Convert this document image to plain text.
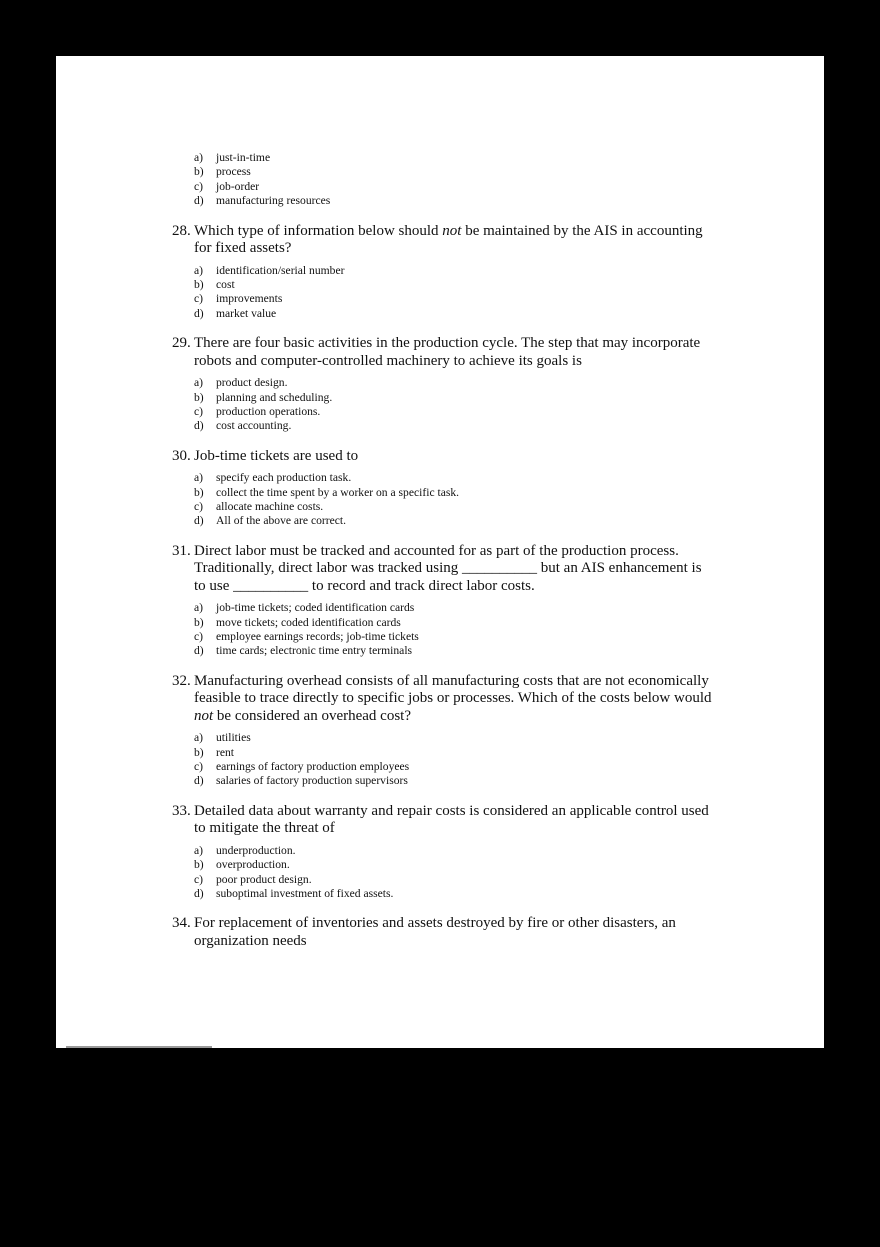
a)	just-in-time
b)	process
c)	job-order
d)	manufacturing resources
28. Which type of information below should not be maintained by the AIS in accounting for fixed assets?
a)	identification/serial number
b)	cost
c)	improvements
d)	market value
29. There are four basic activities in the production cycle. The step that may incorporate robots and computer-controlled machinery to achieve its goals is
a)	product design.
b)	planning and scheduling.
c)	production operations.
d)	cost accounting.
30. Job-time tickets are used to
a)	specify each production task.
b)	collect the time spent by a worker on a specific task.
c)	allocate machine costs.
d)	All of the above are correct.
31. Direct labor must be tracked and accounted for as part of the production process. Traditionally, direct labor was tracked using __________ but an AIS enhancement is to use __________ to record and track direct labor costs.
a)	job-time tickets; coded identification cards
b)	move tickets; coded identification cards
c)	employee earnings records; job-time tickets
d)	time cards; electronic time entry terminals
32. Manufacturing overhead consists of all manufacturing costs that are not economically feasible to trace directly to specific jobs or processes. Which of the costs below would not be considered an overhead cost?
a)	utilities
b)	rent
c)	earnings of factory production employees
d)	salaries of factory production supervisors
33. Detailed data about warranty and repair costs is considered an applicable control used to mitigate the threat of
a)	underproduction.
b)	overproduction.
c)	poor product design.
d)	suboptimal investment of fixed assets.
34. For replacement of inventories and assets destroyed by fire or other disasters, an organization needs
